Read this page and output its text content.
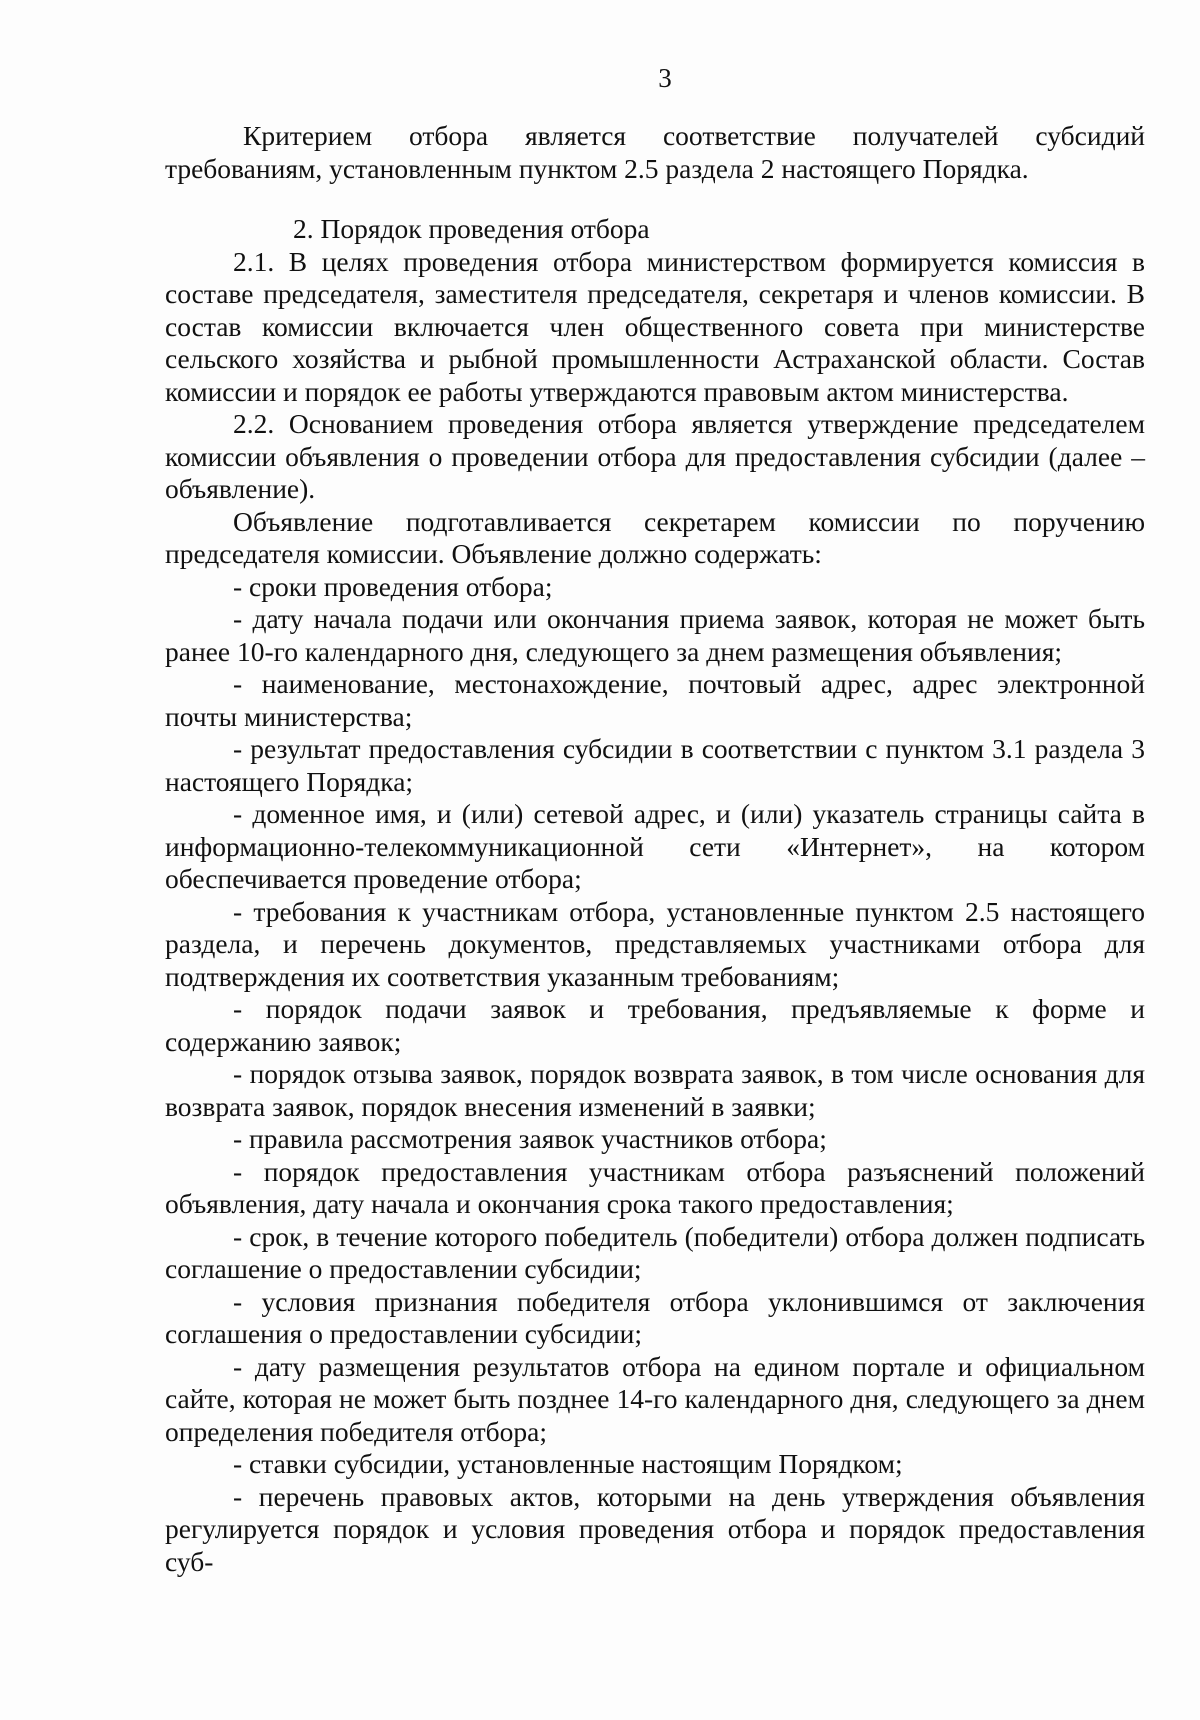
3

Критерием отбора является соответствие получателей субсидий требованиям, установленным пунктом 2.5 раздела 2 настоящего Порядка.

2. Порядок проведения отбора

2.1. В целях проведения отбора министерством формируется комиссия в составе председателя, заместителя председателя, секретаря и членов комиссии. В состав комиссии включается член общественного совета при министерстве сельского хозяйства и рыбной промышленности Астраханской области. Состав комиссии и порядок ее работы утверждаются правовым актом министерства.

2.2. Основанием проведения отбора является утверждение председателем комиссии объявления о проведении отбора для предоставления субсидии (далее – объявление).

Объявление подготавливается секретарем комиссии по поручению председателя комиссии. Объявление должно содержать:

- сроки проведения отбора;

- дату начала подачи или окончания приема заявок, которая не может быть ранее 10-го календарного дня, следующего за днем размещения объявления;

- наименование, местонахождение, почтовый адрес, адрес электронной почты министерства;

- результат предоставления субсидии в соответствии с пунктом 3.1 раздела 3 настоящего Порядка;

- доменное имя, и (или) сетевой адрес, и (или) указатель страницы сайта в информационно-телекоммуникационной сети «Интернет», на котором обеспечивается проведение отбора;

- требования к участникам отбора, установленные пунктом 2.5 настоящего раздела, и перечень документов, представляемых участниками отбора для подтверждения их соответствия указанным требованиям;

- порядок подачи заявок и требования, предъявляемые к форме и содержанию заявок;

- порядок отзыва заявок, порядок возврата заявок, в том числе основания для возврата заявок, порядок внесения изменений в заявки;

- правила рассмотрения заявок участников отбора;

- порядок предоставления участникам отбора разъяснений положений объявления, дату начала и окончания срока такого предоставления;

- срок, в течение которого победитель (победители) отбора должен подписать соглашение о предоставлении субсидии;

- условия признания победителя отбора уклонившимся от заключения соглашения о предоставлении субсидии;

- дату размещения результатов отбора на едином портале и официальном сайте, которая не может быть позднее 14-го календарного дня, следующего за днем определения победителя отбора;

- ставки субсидии, установленные настоящим Порядком;

- перечень правовых актов, которыми на день утверждения объявления регулируется порядок и условия проведения отбора и порядок предоставления суб-
